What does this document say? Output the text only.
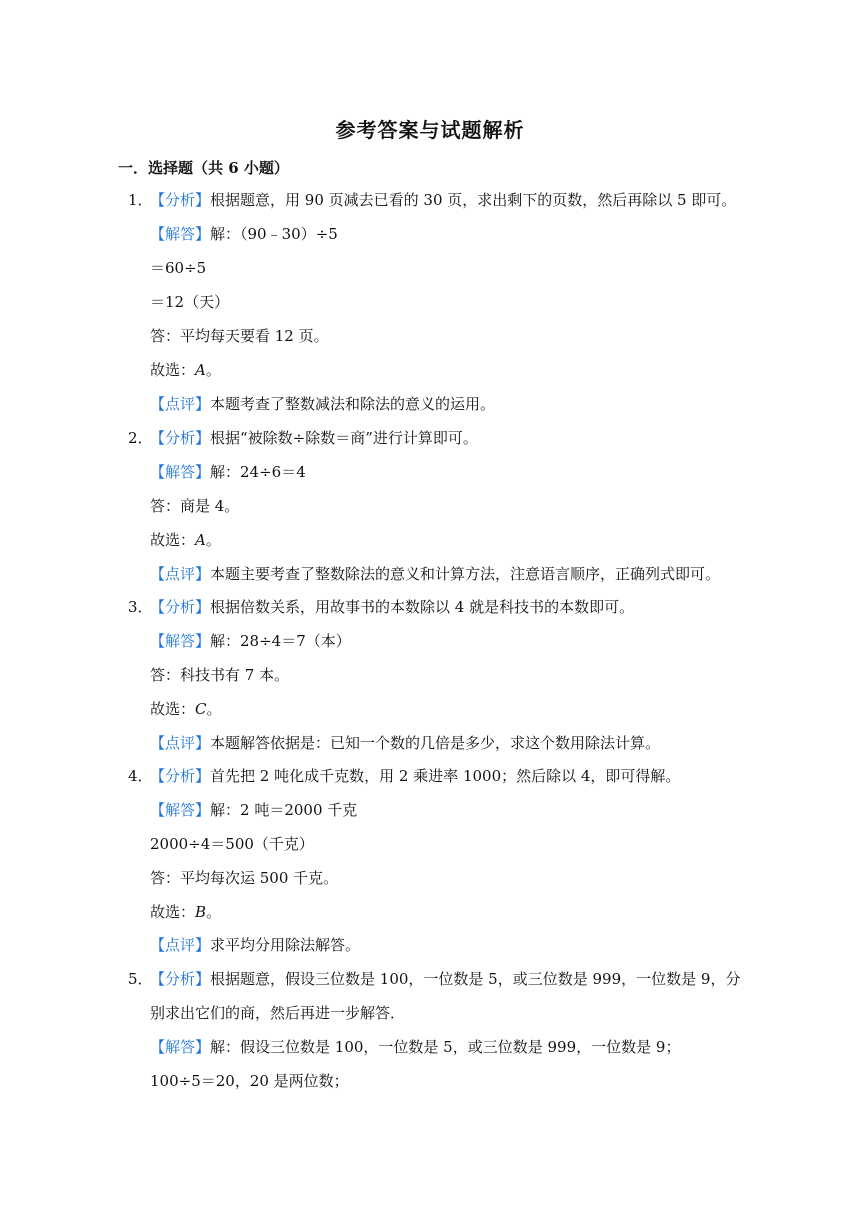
参考答案与试题解析
一．选择题（共 6 小题）
1．
【分析】根据题意，用 90 页减去已看的 30 页，求出剩下的页数，然后再除以 5 即可。
【解答】解：（90﹣30）÷5
＝60÷5
＝12（天）
答：平均每天要看 12 页。
故选：A。
【点评】本题考查了整数减法和除法的意义的运用。
2．
【分析】根据“被除数÷除数＝商”进行计算即可。
【解答】解：24÷6＝4
答：商是 4。
故选：A。
【点评】本题主要考查了整数除法的意义和计算方法，注意语言顺序，正确列式即可。
3．
【分析】根据倍数关系，用故事书的本数除以 4 就是科技书的本数即可。
【解答】解：28÷4＝7（本）
答：科技书有 7 本。
故选：C。
【点评】本题解答依据是：已知一个数的几倍是多少，求这个数用除法计算。
4．
【分析】首先把 2 吨化成千克数，用 2 乘进率 1000；然后除以 4，即可得解。
【解答】解：2 吨＝2000 千克
2000÷4＝500（千克）
答：平均每次运 500 千克。
故选：B。
【点评】求平均分用除法解答。
5．
【分析】根据题意，假设三位数是 100，一位数是 5，或三位数是 999，一位数是 9，分
别求出它们的商，然后再进一步解答．
【解答】解：假设三位数是 100，一位数是 5，或三位数是 999，一位数是 9；
100÷5＝20，20 是两位数；
